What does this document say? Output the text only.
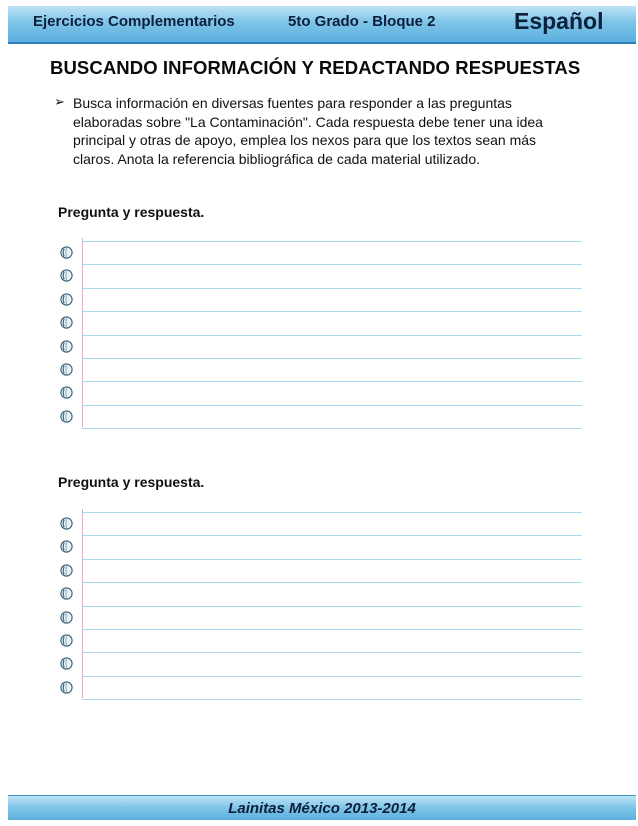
Ejercicios Complementarios	5to Grado - Bloque 2	Español
BUSCANDO INFORMACIÓN Y REDACTANDO RESPUESTAS
➢ Busca información en diversas fuentes para responder a las preguntas elaboradas sobre "La Contaminación". Cada respuesta debe tener una idea principal y otras de apoyo, emplea los nexos para que los textos sean más claros. Anota la referencia bibliográfica de cada material utilizado.
Pregunta y respuesta.
Pregunta y respuesta.
Lainitas México 2013-2014
